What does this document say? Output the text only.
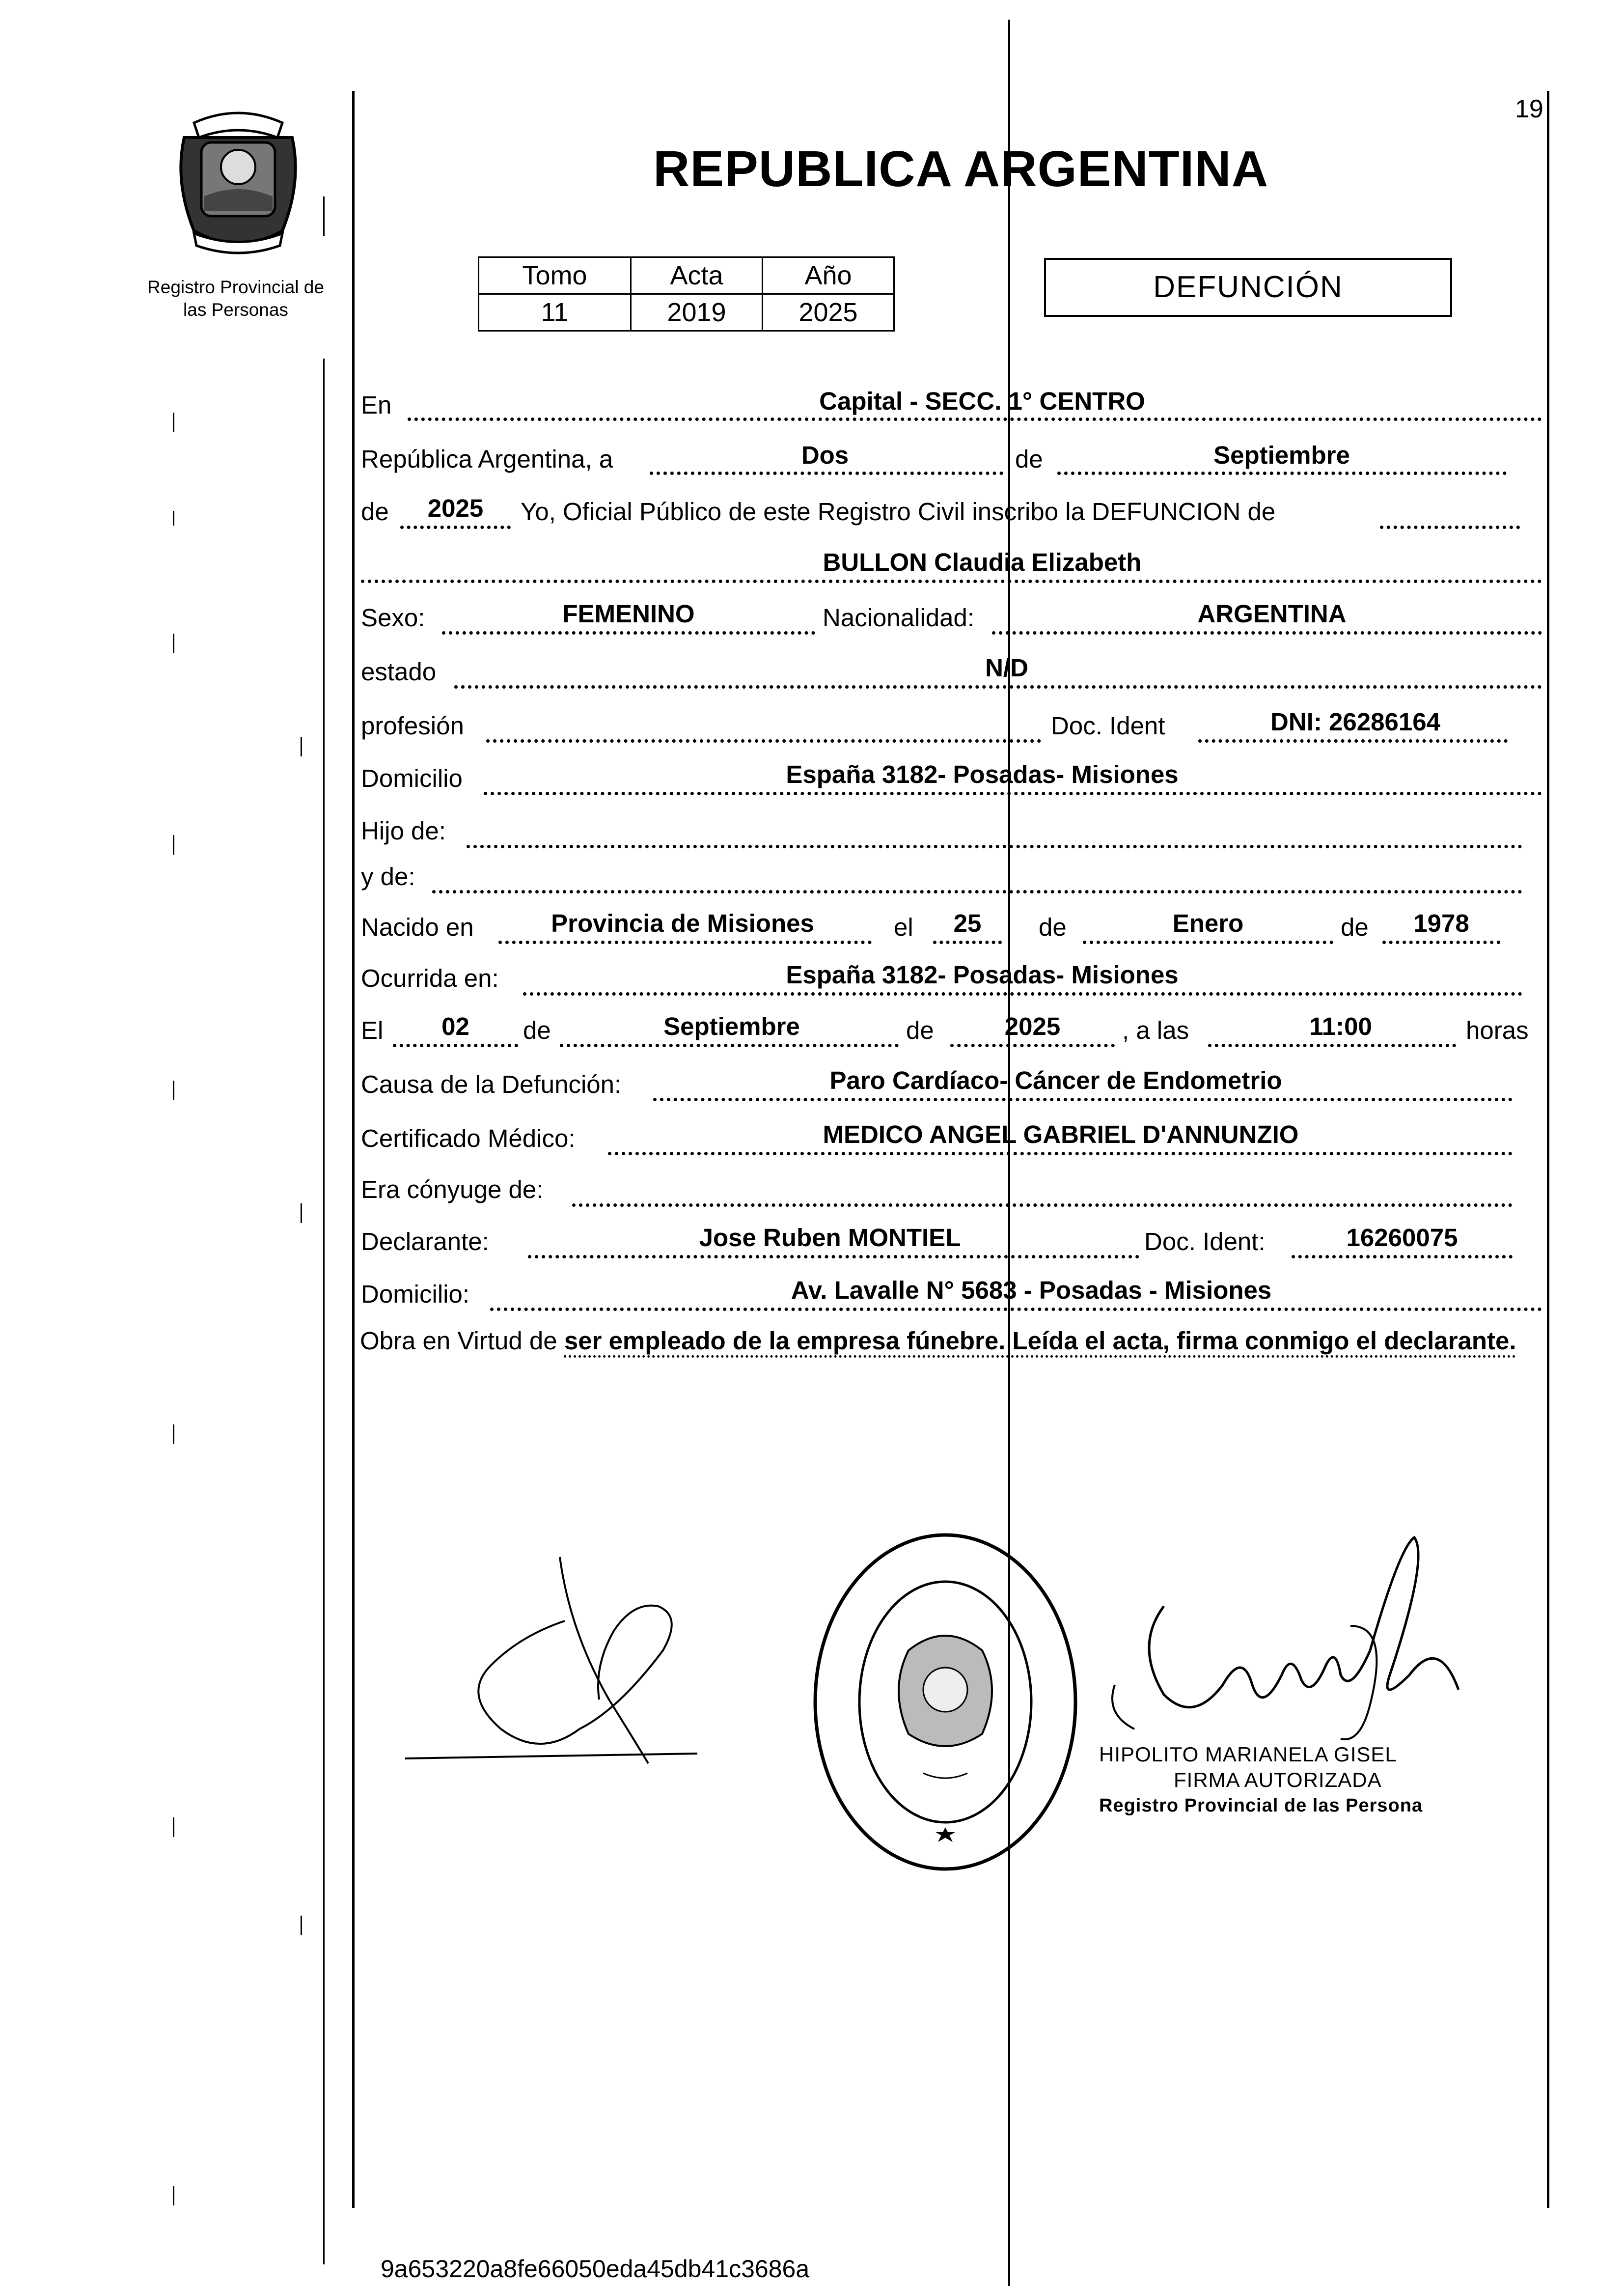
19
REPUBLICA ARGENTINA
Registro Provincial de
las Personas
Tomo	Acta	Año
11	2019	2025
DEFUNCIÓN
En	Capital - SECC. 1° CENTRO
República Argentina, a	Dos	de	Septiembre
de	2025	Yo, Oficial Público de este Registro Civil inscribo la DEFUNCION de
BULLON Claudia Elizabeth
Sexo:	FEMENINO	Nacionalidad:	ARGENTINA
estado	N/D
profesión	Doc. Ident	DNI: 26286164
Domicilio	España 3182- Posadas- Misiones
Hijo de:
y de:
Nacido en	Provincia de Misiones	el	25	de	Enero	de	1978
Ocurrida en:	España 3182- Posadas- Misiones
El	02	de	Septiembre	de	2025	, a las	11:00	horas
Causa de la Defunción:	Paro Cardíaco- Cáncer de Endometrio
Certificado Médico:	MEDICO ANGEL GABRIEL D'ANNUNZIO
Era cónyuge de:
Declarante:	Jose Ruben MONTIEL	Doc. Ident:	16260075
Domicilio:	Av. Lavalle N° 5683 - Posadas - Misiones
Obra en Virtud de ser empleado de la empresa fúnebre. Leída el acta, firma conmigo el declarante.
HIPOLITO MARIANELA GISEL
FIRMA AUTORIZADA
Registro Provincial de las Persona
9a653220a8fe66050eda45db41c3686a
